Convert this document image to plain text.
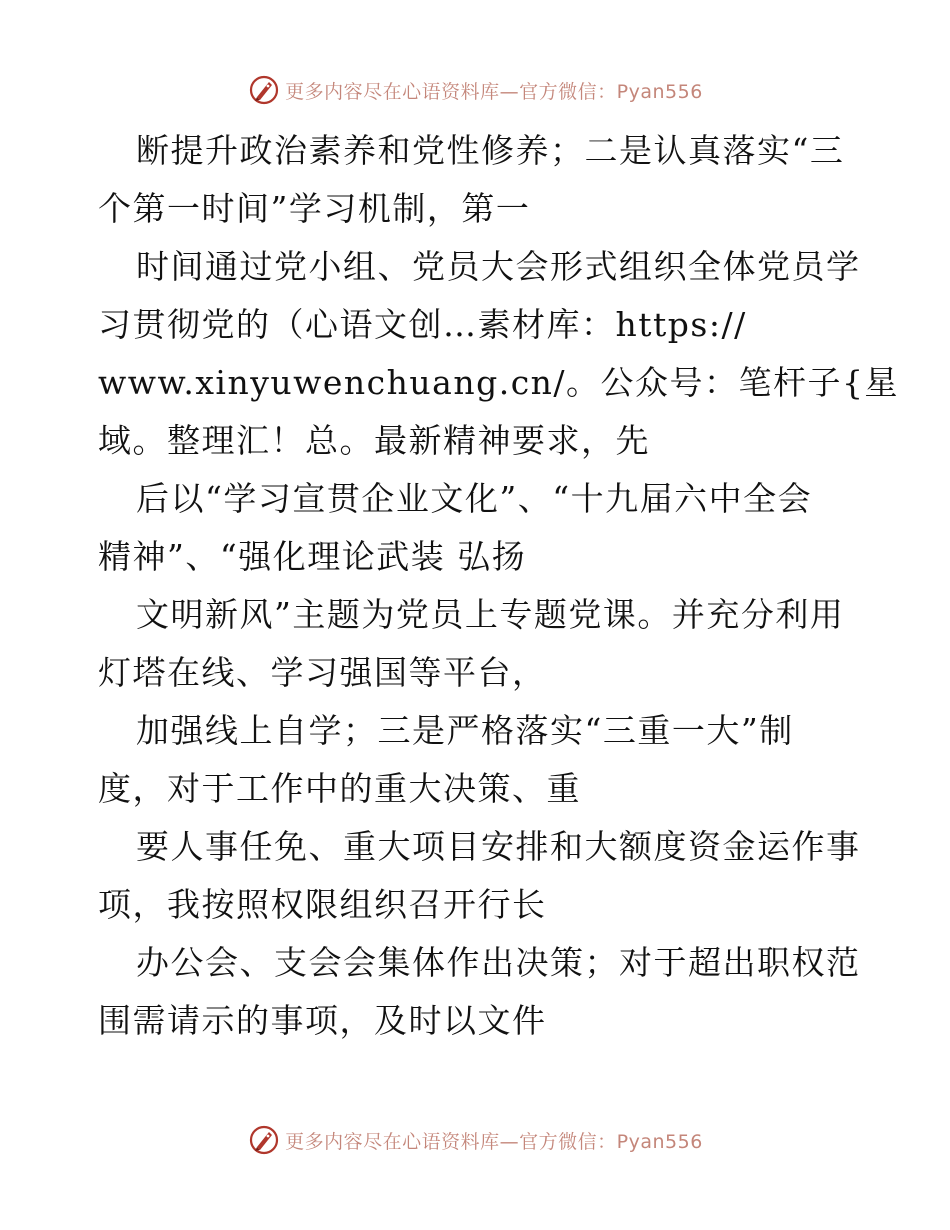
更多内容尽在心语资料库—官方微信：Pyan556
断提升政治素养和党性修养；二是认真落实“三
个第一时间”学习机制，第一
时间通过党小组、党员大会形式组织全体党员学
习贯彻党的（心语文创…素材库：https://
www.xinyuwenchuang.cn/。公众号：笔杆子{星
域。整理汇！总。最新精神要求，先
后以“学习宣贯企业文化”、“十九届六中全会
精神”、“强化理论武装 弘扬
文明新风”主题为党员上专题党课。并充分利用
灯塔在线、学习强国等平台，
加强线上自学；三是严格落实“三重一大”制
度，对于工作中的重大决策、重
要人事任免、重大项目安排和大额度资金运作事
项，我按照权限组织召开行长
办公会、支会会集体作出决策；对于超出职权范
围需请示的事项，及时以文件
更多内容尽在心语资料库—官方微信：Pyan556
